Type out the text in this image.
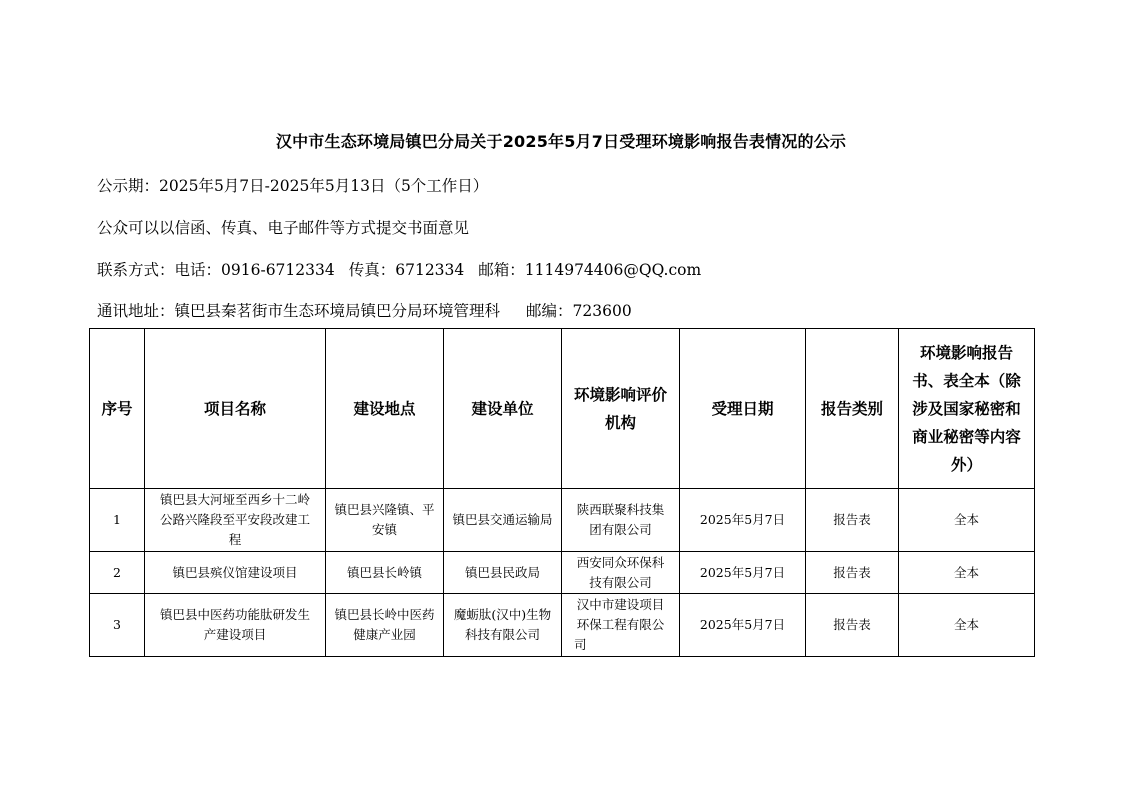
汉中市生态环境局镇巴分局关于2025年5月7日受理环境影响报告表情况的公示
公示期：2025年5月7日-2025年5月13日（5个工作日）
公众可以以信函、传真、电子邮件等方式提交书面意见
联系方式：电话：0916-6712334 传真：6712334 邮箱：1114974406@QQ.com
通讯地址：镇巴县秦茗街市生态环境局镇巴分局环境管理科 邮编：723600
序号	项目名称	建设地点	建设单位	环境影响评价机构	受理日期	报告类别	环境影响报告书、表全本（除涉及国家秘密和商业秘密等内容外）
1	镇巴县大河垭至西乡十二岭公路兴隆段至平安段改建工程	镇巴县兴隆镇、平安镇	镇巴县交通运输局	陕西联聚科技集团有限公司	2025年5月7日	报告表	全本
2	镇巴县殡仪馆建设项目	镇巴县长岭镇	镇巴县民政局	西安同众环保科技有限公司	2025年5月7日	报告表	全本
3	镇巴县中医药功能肽研发生产建设项目	镇巴县长岭中医药健康产业园	魔蛎肽(汉中)生物科技有限公司	汉中市建设项目环保工程有限公司	2025年5月7日	报告表	全本
